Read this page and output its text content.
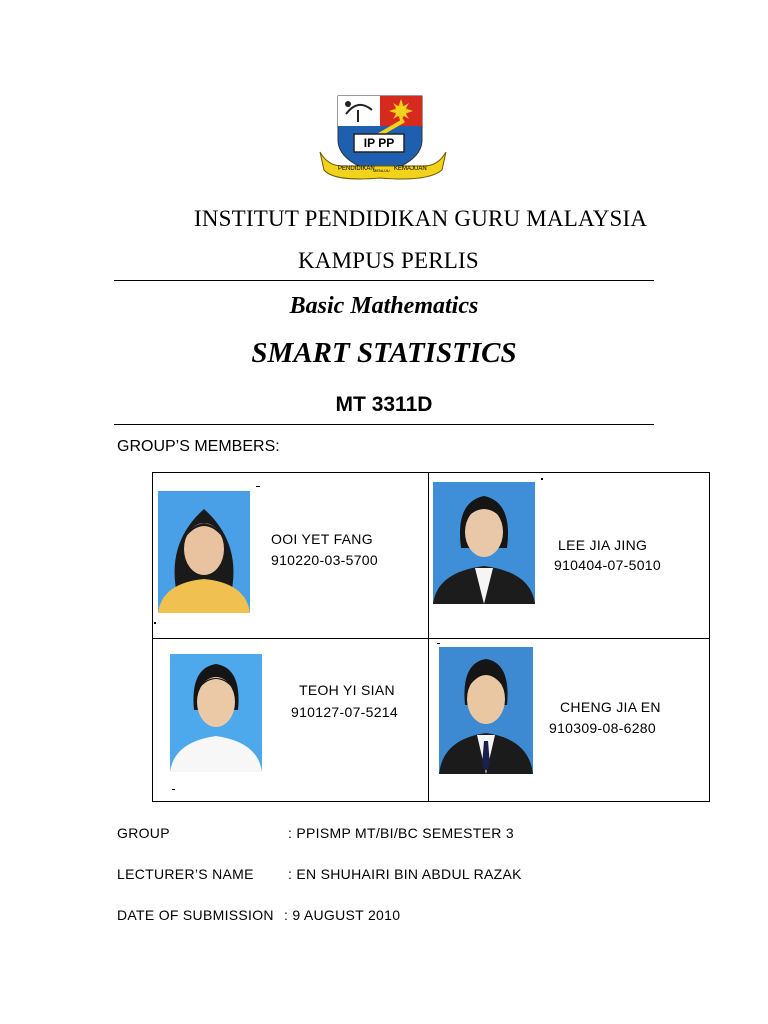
IP PP
PENDIDIKAN
MENUJU KEMAJUAN
INSTITUT PENDIDIKAN GURU MALAYSIA
KAMPUS PERLIS
Basic Mathematics
SMART STATISTICS
MT 3311D
GROUP’S MEMBERS:
OOI YET FANG
910220-03-5700
LEE JIA JING
910404-07-5010
TEOH YI SIAN
910127-07-5214	CHENG JIA EN
910309-08-6280
GROUP	: PPISMP MT/BI/BC SEMESTER 3
LECTURER’S NAME : EN SHUHAIRI BIN ABDUL RAZAK
DATE OF SUBMISSION : 9 AUGUST 2010
